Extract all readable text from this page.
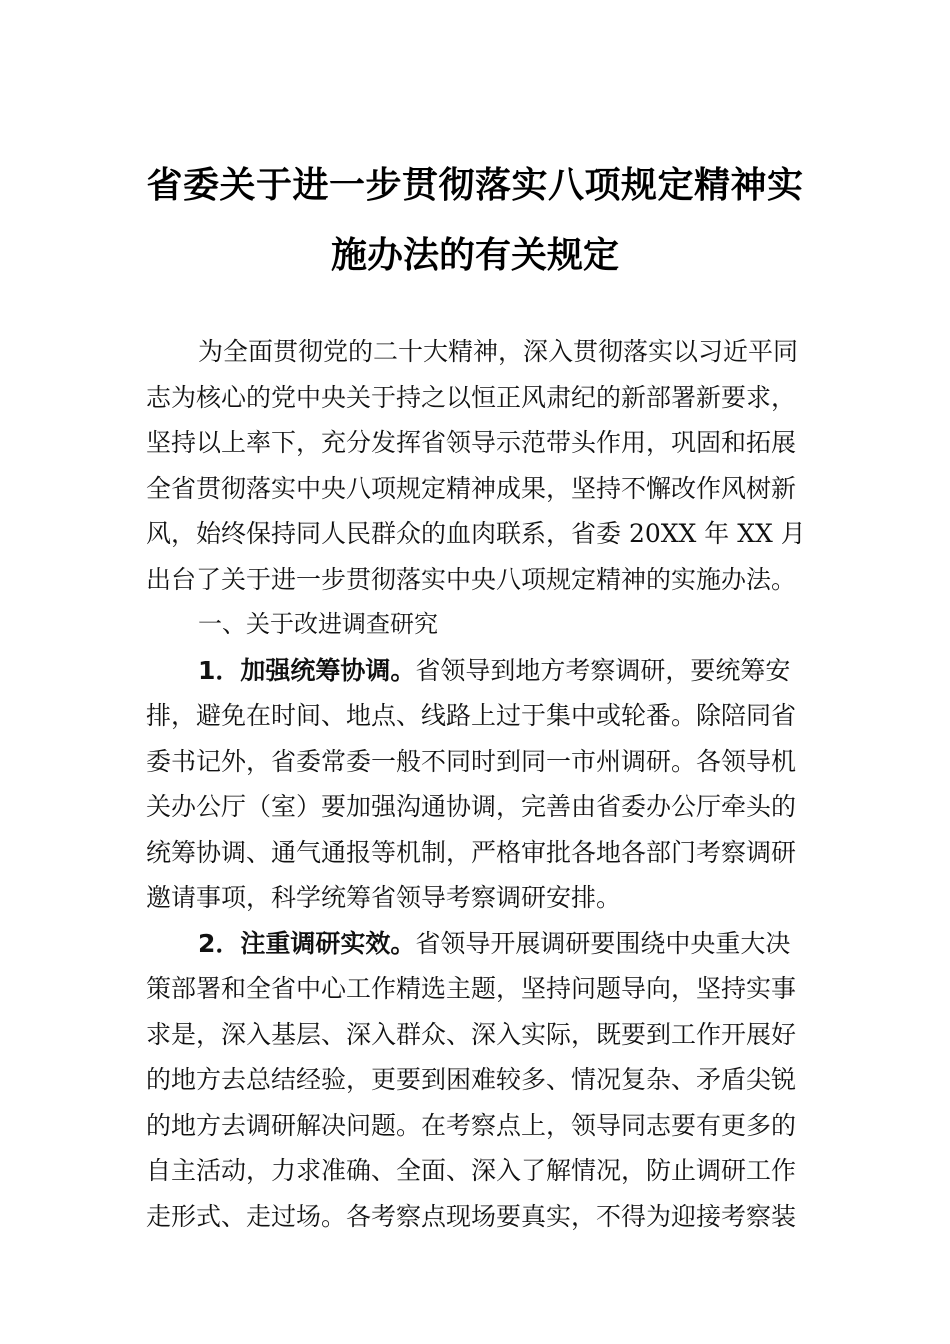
省委关于进一步贯彻落实八项规定精神实
施办法的有关规定
为全面贯彻党的二十大精神，深入贯彻落实以习近平同
志为核心的党中央关于持之以恒正风肃纪的新部署新要求，
坚持以上率下，充分发挥省领导示范带头作用，巩固和拓展
全省贯彻落实中央八项规定精神成果，坚持不懈改作风树新
风，始终保持同人民群众的血肉联系，省委 20XX 年 XX 月
出台了关于进一步贯彻落实中央八项规定精神的实施办法。
一、关于改进调查研究
1．加强统筹协调。省领导到地方考察调研，要统筹安
排，避免在时间、地点、线路上过于集中或轮番。除陪同省
委书记外，省委常委一般不同时到同一市州调研。各领导机
关办公厅（室）要加强沟通协调，完善由省委办公厅牵头的
统筹协调、通气通报等机制，严格审批各地各部门考察调研
邀请事项，科学统筹省领导考察调研安排。
2．注重调研实效。省领导开展调研要围绕中央重大决
策部署和全省中心工作精选主题，坚持问题导向，坚持实事
求是，深入基层、深入群众、深入实际，既要到工作开展好
的地方去总结经验，更要到困难较多、情况复杂、矛盾尖锐
的地方去调研解决问题。在考察点上，领导同志要有更多的
自主活动，力求准确、全面、深入了解情况，防止调研工作
走形式、走过场。各考察点现场要真实，不得为迎接考察装
